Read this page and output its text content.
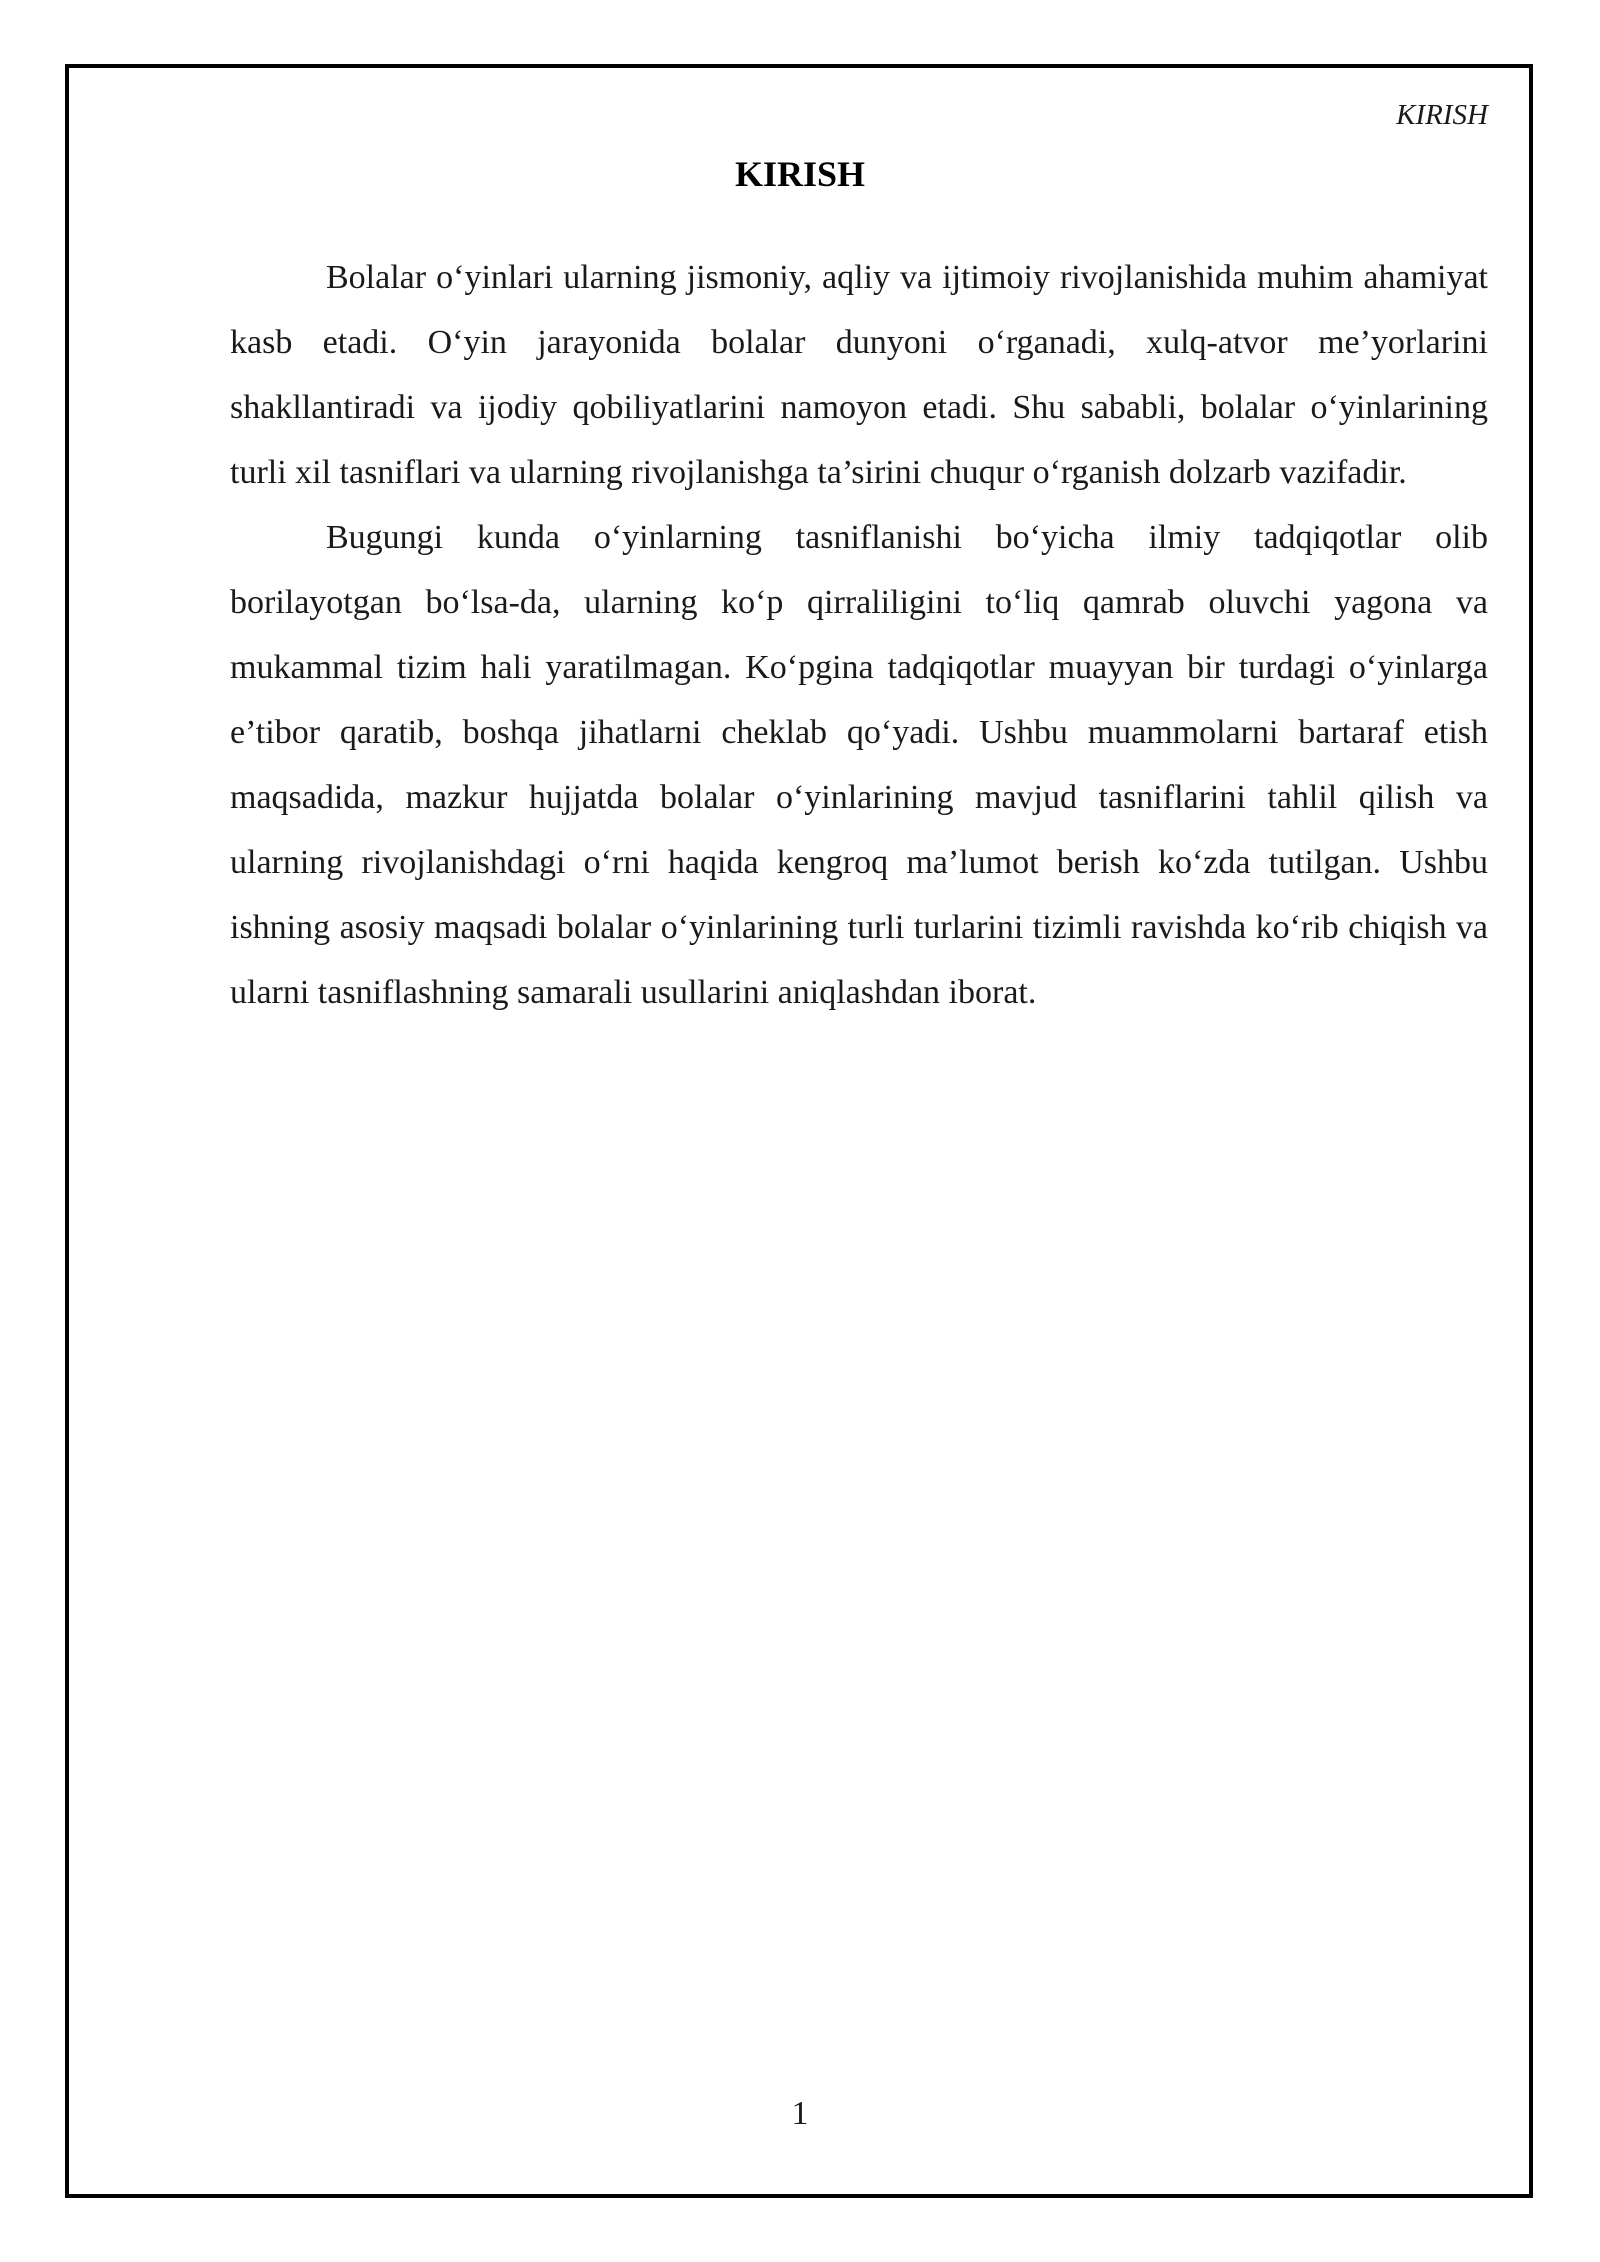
KIRISH
KIRISH

Bolalar o‘yinlari ularning jismoniy, aqliy va ijtimoiy rivojlanishida muhim ahamiyat kasb etadi. O‘yin jarayonida bolalar dunyoni o‘rganadi, xulq-atvor me’yorlarini shakllantiradi va ijodiy qobiliyatlarini namoyon etadi. Shu sababli, bolalar o‘yinlarining turli xil tasniflari va ularning rivojlanishga ta’sirini chuqur o‘rganish dolzarb vazifadir.

Bugungi kunda o‘yinlarning tasniflanishi bo‘yicha ilmiy tadqiqotlar olib borilayotgan bo‘lsa-da, ularning ko‘p qirraliligini to‘liq qamrab oluvchi yagona va mukammal tizim hali yaratilmagan. Ko‘pgina tadqiqotlar muayyan bir turdagi o‘yinlarga e’tibor qaratib, boshqa jihatlarni cheklab qo‘yadi. Ushbu muammolarni bartaraf etish maqsadida, mazkur hujjatda bolalar o‘yinlarining mavjud tasniflarini tahlil qilish va ularning rivojlanishdagi o‘rni haqida kengroq ma’lumot berish ko‘zda tutilgan. Ushbu ishning asosiy maqsadi bolalar o‘yinlarining turli turlarini tizimli ravishda ko‘rib chiqish va ularni tasniflashning samarali usullarini aniqlashdan iborat.

1
